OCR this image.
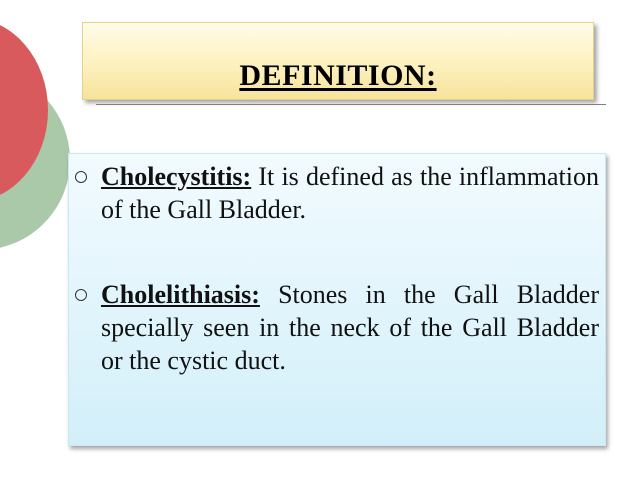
DEFINITION:
Cholecystitis: It is defined as the inflammation of the Gall Bladder.
Cholelithiasis: Stones in the Gall Bladder specially seen in the neck of the Gall Bladder or the cystic duct.
